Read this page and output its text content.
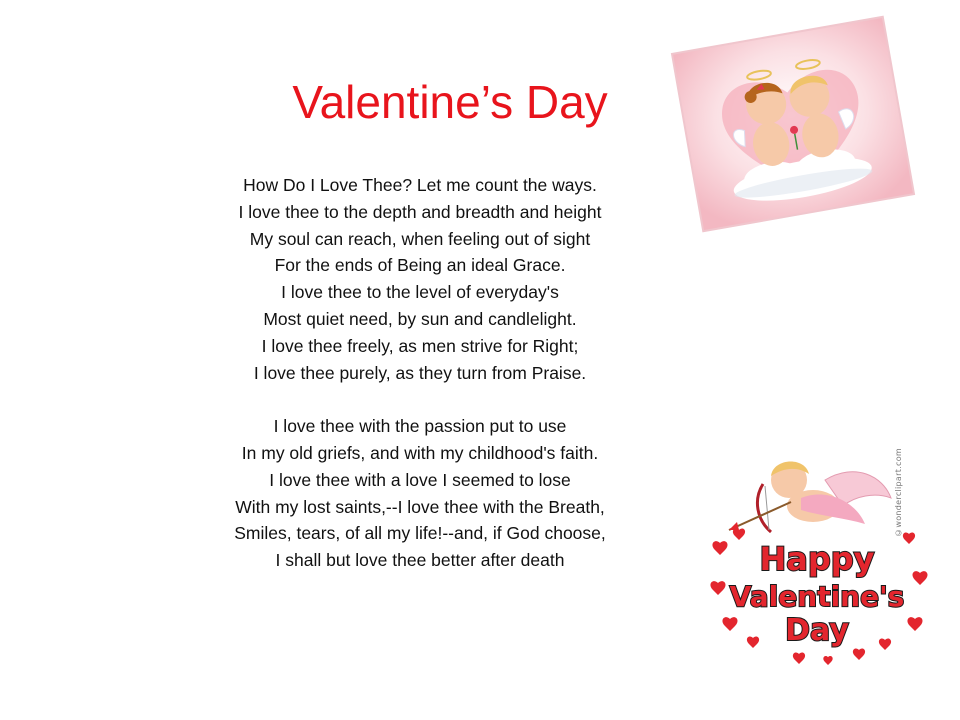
Valentine’s Day
How Do I Love Thee? Let me count the ways.
I love thee to the depth and breadth and height
My soul can reach, when feeling out of sight
For the ends of Being an ideal Grace.
I love thee to the level of everyday's
Most quiet need, by sun and candlelight.
I love thee freely, as men strive for Right;
I love thee purely, as they turn from Praise.
I love thee with the passion put to use
In my old griefs, and with my childhood's faith.
I love thee with a love I seemed to lose
With my lost saints,--I love thee with the Breath,
Smiles, tears, of all my life!--and, if God choose,
I shall but love thee better after death	Happy
Valentine's
Day
©wonderclipart.com
